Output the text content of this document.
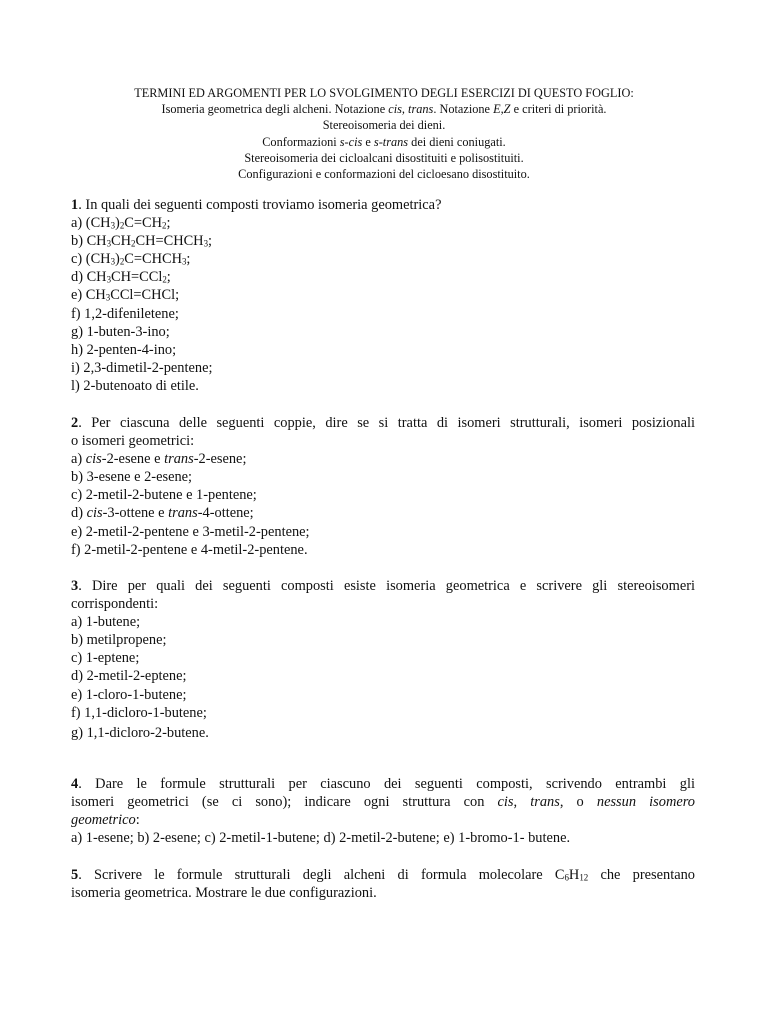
TERMINI ED ARGOMENTI PER LO SVOLGIMENTO DEGLI ESERCIZI DI QUESTO FOGLIO:
Isomeria geometrica degli alcheni. Notazione cis, trans. Notazione E,Z e criteri di priorità.
Stereoisomeria dei dieni.
Conformazioni s-cis e s-trans dei dieni coniugati.
Stereoisomeria dei cicloalcani disostituiti e polisostituiti.
Configurazioni e conformazioni del cicloesano disostituito.
1. In quali dei seguenti composti troviamo isomeria geometrica?
a) $(CH_3)_2C=CH_2$;
b) $CH_3CH_2CH=CHCH_3$;
c) $(CH_3)_2C=CHCH_3$;
d) $CH_3CH=CCl_2$;
e) $CH_3CCl=CHCl$;
f) 1,2-difeniletene;
g) 1-buten-3-ino;
h) 2-penten-4-ino;
i) 2,3-dimetil-2-pentene;
l) 2-butenoato di etile.
2. Per ciascuna delle seguenti coppie, dire se si tratta di isomeri strutturali, isomeri posizionali
o isomeri geometrici:
a) cis-2-esene e trans-2-esene;
b) 3-esene e 2-esene;
c) 2-metil-2-butene e 1-pentene;
d) cis-3-ottene e trans-4-ottene;
e) 2-metil-2-pentene e 3-metil-2-pentene;
f) 2-metil-2-pentene e 4-metil-2-pentene.
3. Dire per quali dei seguenti composti esiste isomeria geometrica e scrivere gli stereoisomeri
corrispondenti:
a) 1-butene;
b) metilpropene;
c) 1-eptene;
d) 2-metil-2-eptene;
e) 1-cloro-1-butene;
f) 1,1-dicloro-1-butene;
g) 1,1-dicloro-2-butene.
4. Dare le formule strutturali per ciascuno dei seguenti composti, scrivendo entrambi gli
isomeri geometrici (se ci sono); indicare ogni struttura con cis, trans, o nessun isomero
geometrico:
a) 1-esene; b) 2-esene; c) 2-metil-1-butene; d) 2-metil-2-butene; e) 1-bromo-1- butene.
5. Scrivere le formule strutturali degli alcheni di formula molecolare $C_6H_{12}$ che presentano
isomeria geometrica. Mostrare le due configurazioni.
